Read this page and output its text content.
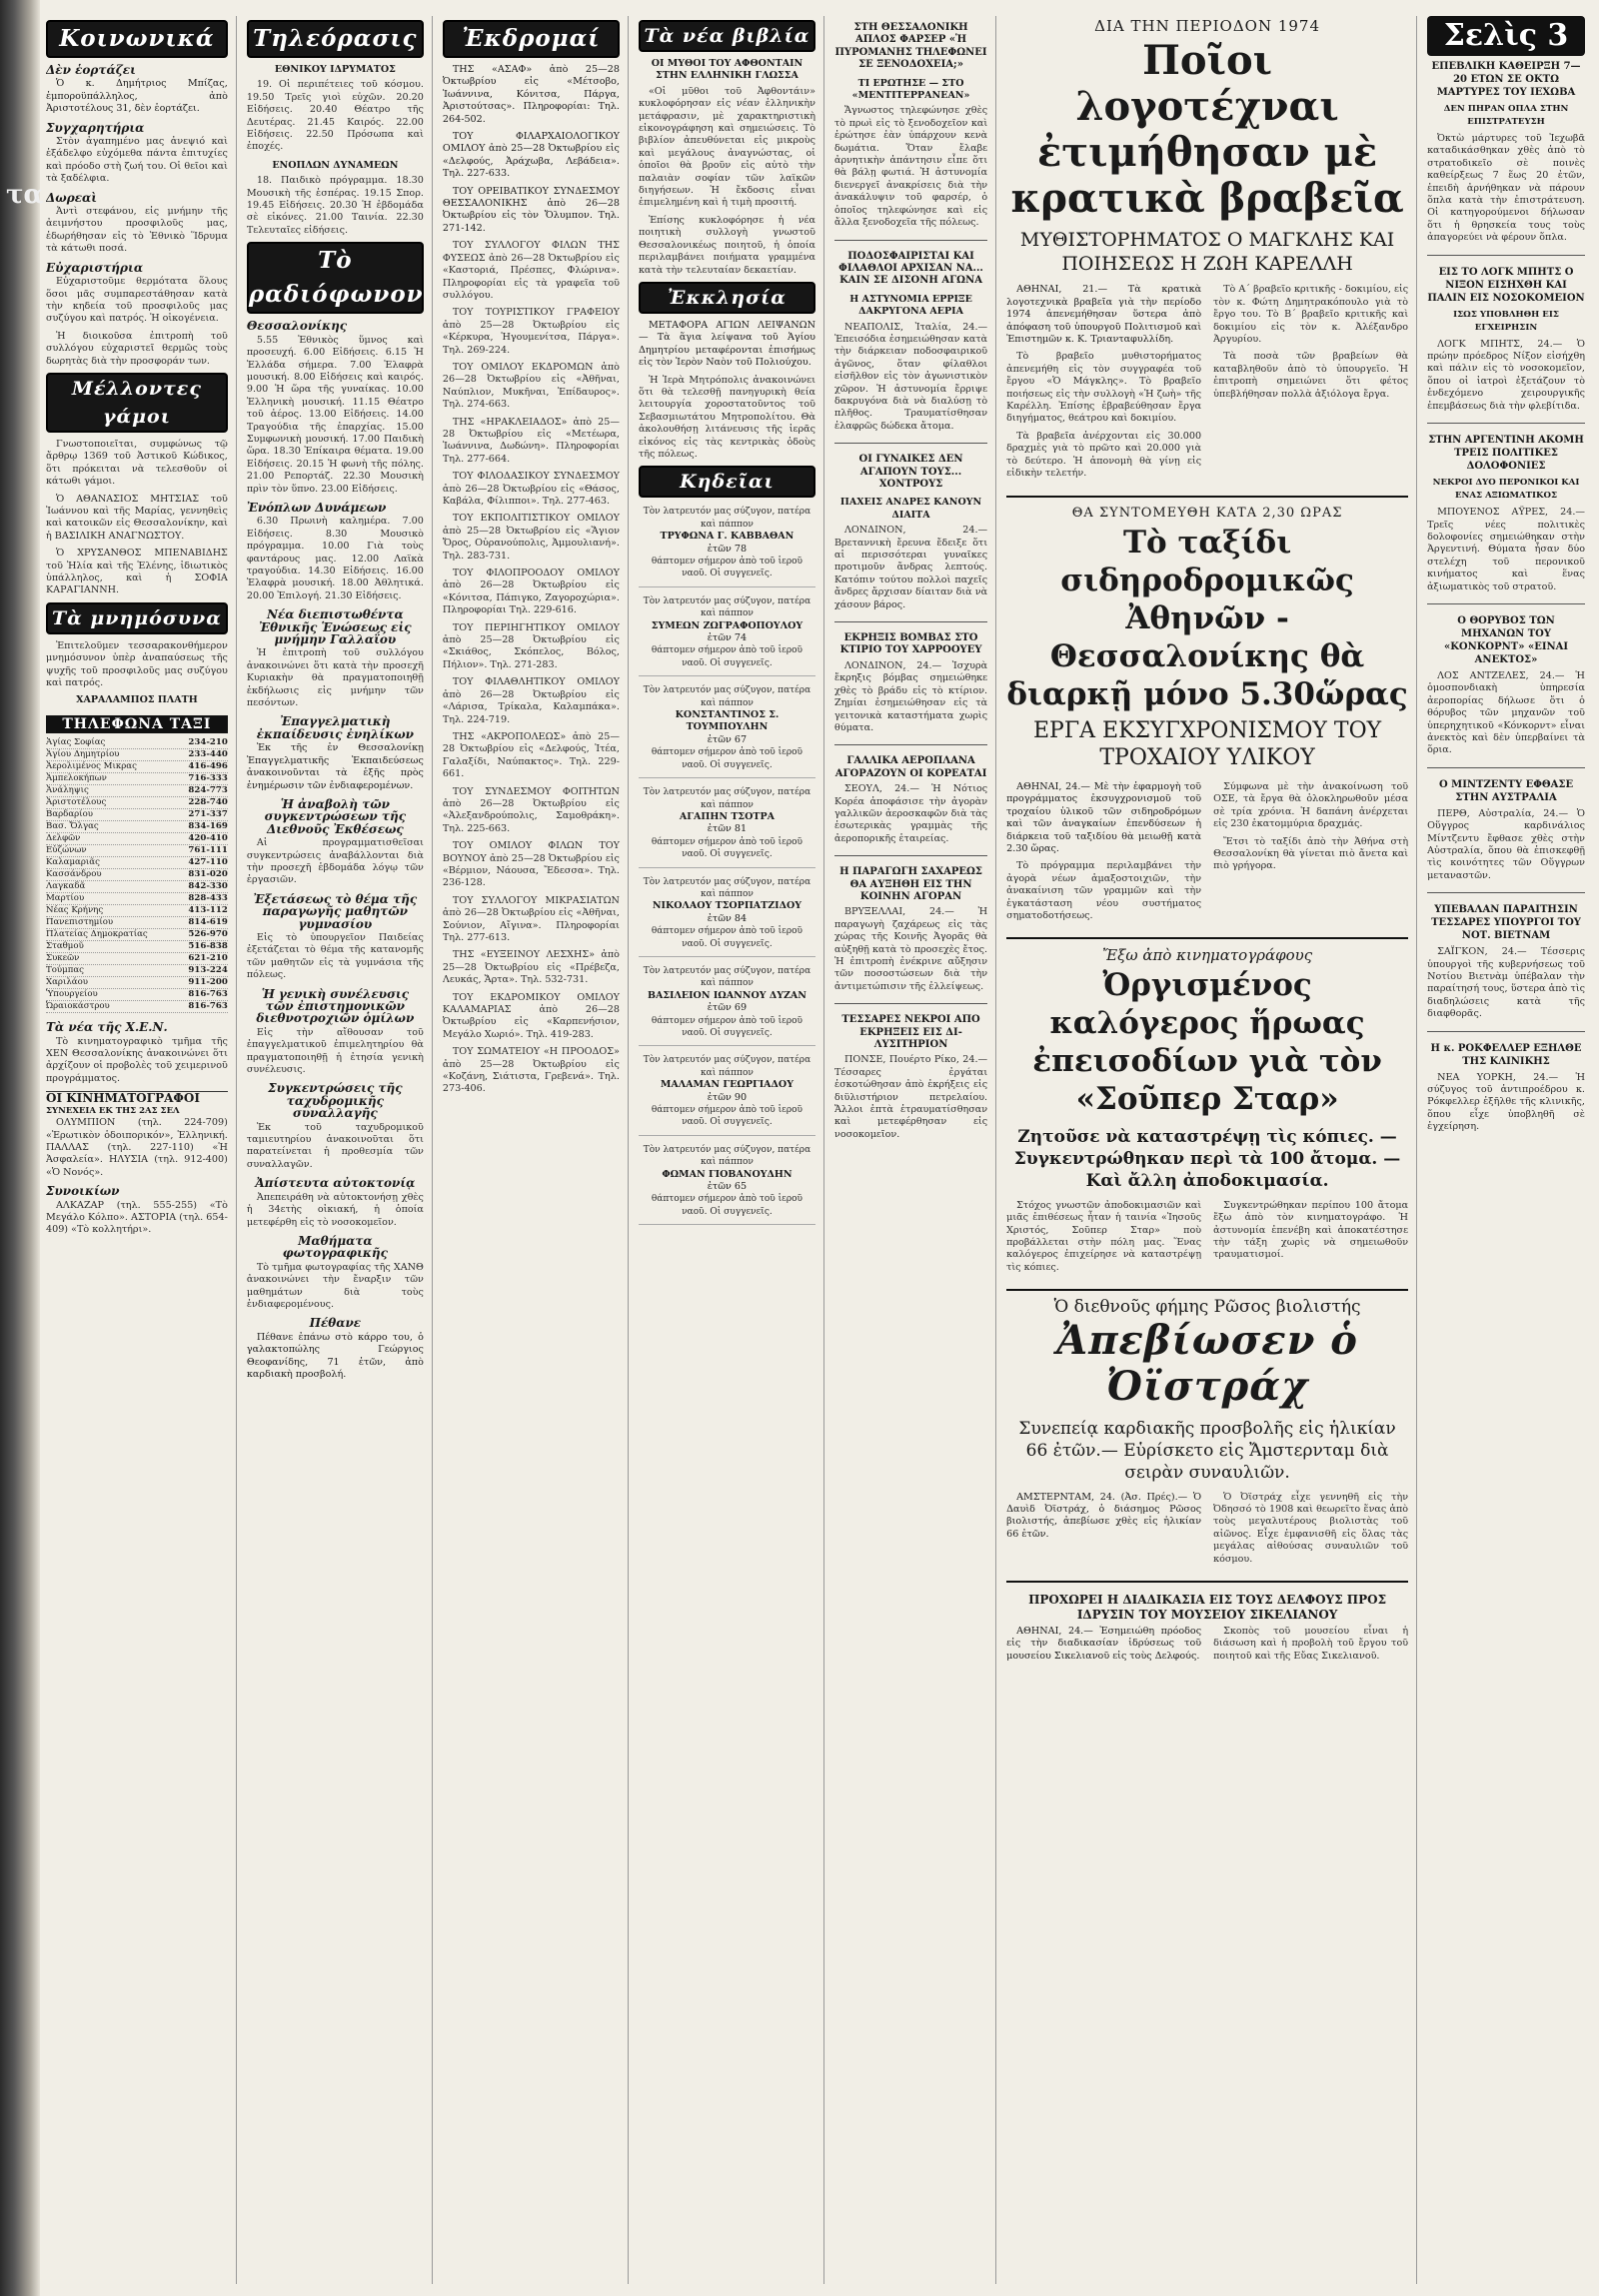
τα
Κοινωνικά
Δὲν ἑορτάζει

Ὁ κ. Δημήτριος Μπίζας, ἑμποροϋπάλληλος, ἀπὸ Ἀριστοτέλους 31, δὲν ἑορτάζει.

Συγχαρητήρια

Στὸν ἀγαπημένο μας ἀνεψιό καὶ ἐξάδελφο εὐχόμεθα πάντα ἐπιτυχίες καὶ πρόοδο στὴ ζωή του. Οἱ θεῖοι καὶ τὰ ξαδέλφια.

Δωρεαὶ

Ἀντὶ στεφάνου, εἰς μνήμην τῆς ἀειμνήστου προσφιλοῦς μας, ἐδωρήθησαν εἰς τὸ Ἐθνικὸ Ἵδρυμα τὰ κάτωθι ποσά.

Εὐχαριστήρια

Εὐχαριστοῦμε θερμότατα ὅλους ὅσοι μᾶς συμπαρεστάθησαν κατὰ τὴν κηδεία τοῦ προσφιλοῦς μας συζύγου καὶ πατρός. Ἡ οἰκογένεια.

Ἡ διοικοῦσα ἐπιτροπὴ τοῦ συλλόγου εὐχαριστεῖ θερμῶς τοὺς δωρητὰς διὰ τὴν προσφοράν των.

Μέλλοντες γάμοι

Γνωστοποιεῖται, συμφώνως τῷ ἄρθρῳ 1369 τοῦ Ἀστικοῦ Κώδικος, ὅτι πρόκειται νὰ τελεσθοῦν οἱ κάτωθι γάμοι.

Ὁ ΑΘΑΝΑΣΙΟΣ ΜΗΤΣΙΑΣ τοῦ Ἰωάννου καὶ τῆς Μαρίας, γεννηθεὶς καὶ κατοικῶν εἰς Θεσσαλονίκην, καὶ ἡ ΒΑΣΙΛΙΚΗ ΑΝΑΓΝΩΣΤΟΥ.

Ὁ ΧΡΥΣΑΝΘΟΣ ΜΠΕΝΑΒΙΔΗΣ τοῦ Ἠλία καὶ τῆς Ἑλένης, ἰδιωτικὸς ὑπάλληλος, καὶ ἡ ΣΟΦΙΑ ΚΑΡΑΓΙΑΝΝΗ.

Τὰ μνημόσυνα

Ἐπιτελοῦμεν τεσσαρακονθήμερον μνημόσυνον ὑπὲρ ἀναπαύσεως τῆς ψυχῆς τοῦ προσφιλοῦς μας συζύγου καὶ πατρός.

ΧΑΡΑΛΑΜΠΟΣ ΠΛΑΤΗ
ΤΗΛΕΦΩΝΑ ΤΑΞΙ
Ἁγίας Σοφίας	234-210
Ἀγίου Δημητρίου	233-440
Ἀερολιμένος Μικρας	416-496
Ἀμπελοκήπων	716-333
Ἀνάληψις	824-773
Ἀριστοτέλους	228-740
Βαρδαρίου	271-337
Βασ. Ὄλγας	834-169
Δελφῶν	420-410
Εὐζώνων	761-111
Καλαμαριᾶς	427-110
Κασσάνδρου	831-020
Λαγκαδᾶ	842-330
Μαρτίου	828-433
Νέας Κρήνης	413-112
Πανεπιστημίου	814-619
Πλατείας Δημοκρατίας	526-970
Σταθμοῦ	516-838
Συκεῶν	621-210
Τούμπας	913-224
Χαριλάου	911-200
Ὑπουργείου	816-763
Ὠραιοκάστρου	816-763
Τὰ νέα τῆς Χ.Ε.Ν.

Τὸ κινηματογραφικὸ τμῆμα τῆς ΧΕΝ Θεσσαλονίκης ἀνακοινώνει ὅτι ἀρχίζουν οἱ προβολὲς τοῦ χειμερινοῦ προγράμματος.

ΟΙ ΚΙΝΗΜΑΤΟΓΡΑΦΟΙ
ΣΥΝΕΧΕΙΑ ΕΚ ΤΗΣ 2ΑΣ ΣΕΛ

ΟΛΥΜΠΙΟΝ (τηλ. 224-709) «Ἐρωτικὸν ὁδοιπορικόν», Ἑλληνική. ΠΑΛΛΑΣ (τηλ. 227-110) «Ἡ Ἀσφαλεία». ΗΛΥΣΙΑ (τηλ. 912-400) «Ὁ Νονός».

Συνοικίων

ΑΛΚΑΖΑΡ (τηλ. 555-255) «Τὸ Μεγάλο Κόλπο». ΑΣΤΟΡΙΑ (τηλ. 654-409) «Τὸ κολλητήρι».

Τηλεόρασις
ΕΘΝΙΚΟΥ ΙΔΡΥΜΑΤΟΣ

19. Οἱ περιπέτειες τοῦ κόσμου. 19.50 Τρεῖς γιοὶ εὐχῶν. 20.20 Εἰδήσεις. 20.40 Θέατρο τῆς Δευτέρας. 21.45 Καιρός. 22.00 Εἰδήσεις. 22.50 Πρόσωπα καὶ ἐποχές.

ΕΝΟΠΛΩΝ ΔΥΝΑΜΕΩΝ

18. Παιδικὸ πρόγραμμα. 18.30 Μουσικὴ τῆς ἑσπέρας. 19.15 Σπορ. 19.45 Εἰδήσεις. 20.30 Ἡ ἑβδομάδα σὲ εἰκόνες. 21.00 Ταινία. 22.30 Τελευταῖες εἰδήσεις.

Τὸ ραδιόφωνον
Θεσσαλονίκης

5.55 Ἐθνικὸς ὕμνος καὶ προσευχή. 6.00 Εἰδήσεις. 6.15 Ἡ Ἑλλάδα σήμερα. 7.00 Ἐλαφρὰ μουσική. 8.00 Εἰδήσεις καὶ καιρός. 9.00 Ἡ ὥρα τῆς γυναίκας. 10.00 Ἑλληνικὴ μουσική. 11.15 Θέατρο τοῦ ἀέρος. 13.00 Εἰδήσεις. 14.00 Τραγούδια τῆς ἐπαρχίας. 15.00 Συμφωνικὴ μουσική. 17.00 Παιδικὴ ὥρα. 18.30 Ἐπίκαιρα θέματα. 19.00 Εἰδήσεις. 20.15 Ἡ φωνὴ τῆς πόλης. 21.00 Ρεπορτάζ. 22.30 Μουσικὴ πρὶν τὸν ὕπνο. 23.00 Εἰδήσεις.

Ἐνόπλων Δυνάμεων

6.30 Πρωινὴ καλημέρα. 7.00 Εἰδήσεις. 8.30 Μουσικὸ πρόγραμμα. 10.00 Γιὰ τοὺς φαντάρους μας. 12.00 Λαϊκὰ τραγούδια. 14.30 Εἰδήσεις. 16.00 Ἐλαφρὰ μουσική. 18.00 Ἀθλητικά. 20.00 Ἐπιλογή. 21.30 Εἰδήσεις.

Νέα διεπιστωθέντα Ἐθνικῆς Ἑνώσεως εἰς μνήμην Γαλλαΐου

Ἡ ἐπιτροπὴ τοῦ συλλόγου ἀνακοινώνει ὅτι κατὰ τὴν προσεχῆ Κυριακὴν θὰ πραγματοποιηθῇ ἐκδήλωσις εἰς μνήμην τῶν πεσόντων.

Ἐπαγγελματικὴ ἐκπαίδευσις ἐνηλίκων

Ἐκ τῆς ἐν Θεσσαλονίκῃ Ἐπαγγελματικῆς Ἐκπαιδεύσεως ἀνακοινοῦνται τὰ ἑξῆς πρὸς ἐνημέρωσιν τῶν ἐνδιαφερομένων.

Ἡ ἀναβολὴ τῶν συγκεντρώσεων τῆς Διεθνοῦς Ἐκθέσεως

Αἱ προγραμματισθεῖσαι συγκεντρώσεις ἀναβάλλονται διὰ τὴν προσεχῆ ἑβδομάδα λόγῳ τῶν ἐργασιῶν.

Ἐξετάσεως τὸ θέμα τῆς παραγωγῆς μαθητῶν γυμνασίου

Εἰς τὸ ὑπουργεῖον Παιδείας ἐξετάζεται τὸ θέμα τῆς κατανομῆς τῶν μαθητῶν εἰς τὰ γυμνάσια τῆς πόλεως.

Ἡ γενικὴ συνέλευσις τῶν ἐπιστημονικῶν διεθνοτροχιῶν ὁμίλων

Εἰς τὴν αἴθουσαν τοῦ ἐπαγγελματικοῦ ἐπιμελητηρίου θὰ πραγματοποιηθῇ ἡ ἐτησία γενικὴ συνέλευσις.

Συγκεντρώσεις τῆς ταχυδρομικῆς συναλλαγῆς

Ἐκ τοῦ ταχυδρομικοῦ ταμιευτηρίου ἀνακοινοῦται ὅτι παρατείνεται ἡ προθεσμία τῶν συναλλαγῶν.

Ἀπίστευτα αὐτοκτονίᾳ

Ἀπεπειράθη νὰ αὐτοκτονήσῃ χθὲς ἡ 34ετὴς οἰκιακή, ἡ ὁποία μετεφέρθη εἰς τὸ νοσοκομεῖον.

Μαθήματα φωτογραφικῆς

Τὸ τμῆμα φωτογραφίας τῆς ΧΑΝΘ ἀνακοινώνει τὴν ἔναρξιν τῶν μαθημάτων διὰ τοὺς ἐνδιαφερομένους.

Πέθανε

Πέθανε ἐπάνω στὸ κάρρο του, ὁ γαλακτοπώλης Γεώργιος Θεοφανίδης, 71 ἐτῶν, ἀπὸ καρδιακὴ προσβολή.

Ἐκδρομαί

ΤΗΣ «ΑΣΑΦ» ἀπὸ 25—28 Ὀκτωβρίου εἰς «Μέτσοβο, Ἰωάννινα, Κόνιτσα, Πάργα, Ἀριστούτσας». Πληροφορίαι: Τηλ. 264-502.

ΤΟΥ ΦΙΛΑΡΧΑΙΟΛΟΓΙΚΟΥ ΟΜΙΛΟΥ ἀπὸ 25—28 Ὀκτωβρίου εἰς «Δελφούς, Ἀράχωβα, Λεβάδεια». Τηλ. 227-633.

ΤΟΥ ΟΡΕΙΒΑΤΙΚΟΥ ΣΥΝΔΕΣΜΟΥ ΘΕΣΣΑΛΟΝΙΚΗΣ ἀπὸ 26—28 Ὀκτωβρίου εἰς τὸν Ὄλυμπον. Τηλ. 271-142.

ΤΟΥ ΣΥΛΛΟΓΟΥ ΦΙΛΩΝ ΤΗΣ ΦΥΣΕΩΣ ἀπὸ 26—28 Ὀκτωβρίου εἰς «Καστοριά, Πρέσπες, Φλώρινα». Πληροφορίαι εἰς τὰ γραφεῖα τοῦ συλλόγου.

ΤΟΥ ΤΟΥΡΙΣΤΙΚΟΥ ΓΡΑΦΕΙΟΥ ἀπὸ 25—28 Ὀκτωβρίου εἰς «Κέρκυρα, Ἡγουμενίτσα, Πάργα». Τηλ. 269-224.

ΤΟΥ ΟΜΙΛΟΥ ΕΚΔΡΟΜΩΝ ἀπὸ 26—28 Ὀκτωβρίου εἰς «Ἀθῆναι, Ναύπλιον, Μυκῆναι, Ἐπίδαυρος». Τηλ. 274-663.

ΤΗΣ «ΗΡΑΚΛΕΙΑΔΟΣ» ἀπὸ 25—28 Ὀκτωβρίου εἰς «Μετέωρα, Ἰωάννινα, Δωδώνη». Πληροφορίαι Τηλ. 277-664.

ΤΟΥ ΦΙΛΟΔΑΣΙΚΟΥ ΣΥΝΔΕΣΜΟΥ ἀπὸ 26—28 Ὀκτωβρίου εἰς «Θάσος, Καβάλα, Φίλιπποι». Τηλ. 277-463.

ΤΟΥ ΕΚΠΟΛΙΤΙΣΤΙΚΟΥ ΟΜΙΛΟΥ ἀπὸ 25—28 Ὀκτωβρίου εἰς «Ἅγιον Ὄρος, Οὐρανούπολις, Ἀμμουλιανή». Τηλ. 283-731.

ΤΟΥ ΦΙΛΟΠΡΟΟΔΟΥ ΟΜΙΛΟΥ ἀπὸ 26—28 Ὀκτωβρίου εἰς «Κόνιτσα, Πάπιγκο, Ζαγοροχώρια». Πληροφορίαι Τηλ. 229-616.

ΤΟΥ ΠΕΡΙΗΓΗΤΙΚΟΥ ΟΜΙΛΟΥ ἀπὸ 25—28 Ὀκτωβρίου εἰς «Σκιάθος, Σκόπελος, Βόλος, Πήλιον». Τηλ. 271-283.

ΤΟΥ ΦΙΛΑΘΛΗΤΙΚΟΥ ΟΜΙΛΟΥ ἀπὸ 26—28 Ὀκτωβρίου εἰς «Λάρισα, Τρίκαλα, Καλαμπάκα». Τηλ. 224-719.

ΤΗΣ «ΑΚΡΟΠΟΛΕΩΣ» ἀπὸ 25—28 Ὀκτωβρίου εἰς «Δελφούς, Ἰτέα, Γαλαξίδι, Ναύπακτος». Τηλ. 229-661.

ΤΟΥ ΣΥΝΔΕΣΜΟΥ ΦΟΙΤΗΤΩΝ ἀπὸ 26—28 Ὀκτωβρίου εἰς «Ἀλεξανδρούπολις, Σαμοθράκη». Τηλ. 225-663.

ΤΟΥ ΟΜΙΛΟΥ ΦΙΛΩΝ ΤΟΥ ΒΟΥΝΟΥ ἀπὸ 25—28 Ὀκτωβρίου εἰς «Βέρμιον, Νάουσα, Ἔδεσσα». Τηλ. 236-128.

ΤΟΥ ΣΥΛΛΟΓΟΥ ΜΙΚΡΑΣΙΑΤΩΝ ἀπὸ 26—28 Ὀκτωβρίου εἰς «Ἀθῆναι, Σούνιον, Αἴγινα». Πληροφορίαι Τηλ. 277-613.

ΤΗΣ «ΕΥΞΕΙΝΟΥ ΛΕΣΧΗΣ» ἀπὸ 25—28 Ὀκτωβρίου εἰς «Πρέβεζα, Λευκάς, Ἄρτα». Τηλ. 532-731.

ΤΟΥ ΕΚΔΡΟΜΙΚΟΥ ΟΜΙΛΟΥ ΚΑΛΑΜΑΡΙΑΣ ἀπὸ 26—28 Ὀκτωβρίου εἰς «Καρπενήσιον, Μεγάλο Χωριό». Τηλ. 419-283.

ΤΟΥ ΣΩΜΑΤΕΙΟΥ «Η ΠΡΟΟΔΟΣ» ἀπὸ 25—28 Ὀκτωβρίου εἰς «Κοζάνη, Σιάτιστα, Γρεβενά». Τηλ. 273-406.

Τὰ νέα βιβλία
ΟΙ ΜΥΘΟΙ ΤΟΥ ΑΦΘΟΝΤΑΙΝ ΣΤΗΝ ΕΛΛΗΝΙΚΗ ΓΛΩΣΣΑ

«Οἱ μῦθοι τοῦ Ἀφθοντάιν» κυκλοφόρησαν εἰς νέαν ἑλληνικὴν μετάφρασιν, μὲ χαρακτηριστικὴ εἰκονογράφηση καὶ σημειώσεις. Τὸ βιβλίον ἀπευθύνεται εἰς μικροὺς καὶ μεγάλους ἀναγνώστας, οἱ ὁποῖοι θὰ βροῦν εἰς αὐτὸ τὴν παλαιὰν σοφίαν τῶν λαϊκῶν διηγήσεων. Ἡ ἔκδοσις εἶναι ἐπιμελημένη καὶ ἡ τιμὴ προσιτή.

Ἐπίσης κυκλοφόρησε ἡ νέα ποιητικὴ συλλογὴ γνωστοῦ Θεσσαλονικέως ποιητοῦ, ἡ ὁποία περιλαμβάνει ποιήματα γραμμένα κατὰ τὴν τελευταίαν δεκαετίαν.

Ἐκκλησία

ΜΕΤΑΦΟΡΑ ΑΓΙΩΝ ΛΕΙΨΑΝΩΝ — Τὰ ἅγια λείψανα τοῦ Ἁγίου Δημητρίου μεταφέρονται ἐπισήμως εἰς τὸν Ἱερὸν Ναὸν τοῦ Πολιούχου.

Ἡ Ἱερὰ Μητρόπολις ἀνακοινώνει ὅτι θὰ τελεσθῇ πανηγυρικὴ θεία λειτουργία χοροστατοῦντος τοῦ Σεβασμιωτάτου Μητροπολίτου. Θὰ ἀκολουθήσῃ λιτάνευσις τῆς ἱερᾶς εἰκόνος εἰς τὰς κεντρικὰς ὁδοὺς τῆς πόλεως.

Κηδεῖαι
Τὸν λατρευτόν μας σύζυγον, πατέρα καὶ πάππον
ΤΡΥΦΩΝΑ Γ. ΚΑΒΒΑΘΑΝ
ἐτῶν 78
θάπτομεν σήμερον ἀπὸ τοῦ ἱεροῦ ναοῦ. Οἱ συγγενεῖς.
Τὸν λατρευτόν μας σύζυγον, πατέρα καὶ πάππον
ΣΥΜΕΩΝ ΖΩΓΡΑΦΟΠΟΥΛΟΥ
ἐτῶν 74
θάπτομεν σήμερον ἀπὸ τοῦ ἱεροῦ ναοῦ. Οἱ συγγενεῖς.
Τὸν λατρευτόν μας σύζυγον, πατέρα καὶ πάππον
ΚΟΝΣΤΑΝΤΙΝΟΣ Σ. ΤΟΥΜΠΟΥΛΗΝ
ἐτῶν 67
θάπτομεν σήμερον ἀπὸ τοῦ ἱεροῦ ναοῦ. Οἱ συγγενεῖς.
Τὸν λατρευτόν μας σύζυγον, πατέρα καὶ πάππον
ΑΓΑΠΗΝ ΤΣΟΤΡΑ
ἐτῶν 81
θάπτομεν σήμερον ἀπὸ τοῦ ἱεροῦ ναοῦ. Οἱ συγγενεῖς.
Τὸν λατρευτόν μας σύζυγον, πατέρα καὶ πάππον
ΝΙΚΟΛΑΟΥ ΤΣΟΡΠΑΤΖΙΔΟΥ
ἐτῶν 84
θάπτομεν σήμερον ἀπὸ τοῦ ἱεροῦ ναοῦ. Οἱ συγγενεῖς.
Τὸν λατρευτόν μας σύζυγον, πατέρα καὶ πάππον
ΒΑΣΙΛΕΙΟΝ ΙΩΑΝΝΟΥ ΔΥΖΑΝ
ἐτῶν 69
θάπτομεν σήμερον ἀπὸ τοῦ ἱεροῦ ναοῦ. Οἱ συγγενεῖς.
Τὸν λατρευτόν μας σύζυγον, πατέρα καὶ πάππον
ΜΑΛΑΜΑΝ ΓΕΩΡΓΙΑΔΟΥ
ἐτῶν 90
θάπτομεν σήμερον ἀπὸ τοῦ ἱεροῦ ναοῦ. Οἱ συγγενεῖς.
Τὸν λατρευτόν μας σύζυγον, πατέρα καὶ πάππον
ΦΩΜΑΝ ΓΙΟΒΑΝΟΥΔΗΝ
ἐτῶν 65
θάπτομεν σήμερον ἀπὸ τοῦ ἱεροῦ ναοῦ. Οἱ συγγενεῖς.
ΣΤΗ ΘΕΣΣΑΛΟΝΙΚΗ ΑΠΛΟΣ ΦΑΡΣΕΡ «Ἡ ΠΥΡΟΜΑΝΗΣ ΤΗΛΕΦΩΝΕΙ ΣΕ ΞΕΝΟΔΟΧΕΙΑ;»
ΤΙ ΕΡΩΤΗΣΕ — ΣΤΟ «ΜΕΝΤΙΤΕΡΡΑΝΕΑΝ»

Ἄγνωστος τηλεφώνησε χθὲς τὸ πρωὶ εἰς τὸ ξενοδοχεῖον καὶ ἐρώτησε ἐὰν ὑπάρχουν κενὰ δωμάτια. Ὅταν ἔλαβε ἀρνητικὴν ἀπάντησιν εἶπε ὅτι θὰ βάλῃ φωτιά. Ἡ ἀστυνομία διενεργεῖ ἀνακρίσεις διὰ τὴν ἀνακάλυψιν τοῦ φαρσέρ, ὁ ὁποῖος τηλεφώνησε καὶ εἰς ἄλλα ξενοδοχεῖα τῆς πόλεως.

ΠΟΔΟΣΦΑΙΡΙΣΤΑΙ ΚΑΙ ΦΙΛΑΘΛΟΙ ΑΡΧΙΣΑΝ ΝΑ... ΚΑΙΝ ΣΕ ΔΙΣΟΝΗ ΑΓΩΝΑ
Η ΑΣΤΥΝΟΜΙΑ ΕΡΡΙΞΕ ΔΑΚΡΥΓΟΝΑ ΑΕΡΙΑ

ΝΕΑΠΟΛΙΣ, Ἰταλία, 24.— Ἐπεισόδια ἐσημειώθησαν κατὰ τὴν διάρκειαν ποδοσφαιρικοῦ ἀγῶνος, ὅταν φίλαθλοι εἰσῆλθον εἰς τὸν ἀγωνιστικὸν χῶρον. Ἡ ἀστυνομία ἔρριψε δακρυγόνα διὰ νὰ διαλύσῃ τὸ πλῆθος. Τραυματίσθησαν ἐλαφρῶς δώδεκα ἄτομα.

ΟΙ ΓΥΝΑΙΚΕΣ ΔΕΝ ΑΓΑΠΟΥΝ ΤΟΥΣ... ΧΟΝΤΡΟΥΣ
ΠΑΧΕΙΣ ΑΝΔΡΕΣ ΚΑΝΟΥΝ ΔΙΑΙΤΑ

ΛΟΝΔΙΝΟΝ, 24.— Βρεταννικὴ ἔρευνα ἔδειξε ὅτι αἱ περισσότεραι γυναῖκες προτιμοῦν ἄνδρας λεπτούς. Κατόπιν τούτου πολλοὶ παχεῖς ἄνδρες ἄρχισαν δίαιταν διὰ νὰ χάσουν βάρος.

ΕΚΡΗΞΙΣ ΒΟΜΒΑΣ ΣΤΟ ΚΤΙΡΙΟ ΤΟΥ ΧΑΡΡΟΟΥΕΥ

ΛΟΝΔΙΝΟΝ, 24.— Ἰσχυρὰ ἔκρηξις βόμβας σημειώθηκε χθὲς τὸ βράδυ εἰς τὸ κτίριον. Ζημίαι ἐσημειώθησαν εἰς τὰ γειτονικὰ καταστήματα χωρὶς θύματα.

ΓΑΛΛΙΚΑ ΑΕΡΟΠΛΑΝΑ ΑΓΟΡΑΖΟΥΝ ΟΙ ΚΟΡΕΑΤΑΙ

ΣΕΟΥΛ, 24.— Ἡ Νότιος Κορέα ἀποφάσισε τὴν ἀγορὰν γαλλικῶν ἀεροσκαφῶν διὰ τὰς ἐσωτερικὰς γραμμὰς τῆς ἀεροπορικῆς ἑταιρείας.

Η ΠΑΡΑΓΩΓΗ ΣΑΧΑΡΕΩΣ ΘΑ ΑΥΞΗΘΗ ΕΙΣ ΤΗΝ ΚΟΙΝΗΝ ΑΓΟΡΑΝ

ΒΡΥΞΕΛΛΑΙ, 24.— Ἡ παραγωγὴ ζαχάρεως εἰς τὰς χώρας τῆς Κοινῆς Ἀγορᾶς θὰ αὐξηθῇ κατὰ τὸ προσεχὲς ἔτος. Ἡ ἐπιτροπὴ ἐνέκρινε αὔξησιν τῶν ποσοστώσεων διὰ τὴν ἀντιμετώπισιν τῆς ἐλλείψεως.

ΤΕΣΣΑΡΕΣ ΝΕΚΡΟΙ ΑΠΟ ΕΚΡΗΞΕΙΣ ΕΙΣ ΔΙ-ΛΥΣΙΤΗΡΙΟΝ

ΠΟΝΣΕ, Πουέρτο Ρίκο, 24.— Τέσσαρες ἐργάται ἐσκοτώθησαν ἀπὸ ἐκρήξεις εἰς διϋλιστήριον πετρελαίου. Ἄλλοι ἑπτὰ ἐτραυματίσθησαν καὶ μετεφέρθησαν εἰς νοσοκομεῖον.

ΔΙΑ ΤΗΝ ΠΕΡΙΟΔΟΝ 1974
Ποῖοι λογοτέχναι ἐτιμήθησαν μὲ κρατικὰ βραβεῖα
ΜΥΘΙΣΤΟΡΗΜΑΤΟΣ Ο ΜΑΓΚΛΗΣ ΚΑΙ ΠΟΙΗΣΕΩΣ Η ΖΩΗ ΚΑΡΕΛΛΗ

ΑΘΗΝΑΙ, 21.— Τὰ κρατικὰ λογοτεχνικὰ βραβεῖα γιὰ τὴν περίοδο 1974 ἀπενεμήθησαν ὕστερα ἀπὸ ἀπόφαση τοῦ ὑπουργοῦ Πολιτισμοῦ καὶ Ἐπιστημῶν κ. Κ. Τριανταφυλλίδη.

Τὸ βραβεῖο μυθιστορήματος ἀπενεμήθη εἰς τὸν συγγραφέα τοῦ ἔργου «Ὁ Μάγκλης». Τὸ βραβεῖο ποιήσεως εἰς τὴν συλλογὴ «Ἡ ζωὴ» τῆς Καρέλλη. Ἐπίσης ἐβραβεύθησαν ἔργα διηγήματος, θεάτρου καὶ δοκιμίου.

Τὰ βραβεῖα ἀνέρχονται εἰς 30.000 δραχμὲς γιὰ τὸ πρῶτο καὶ 20.000 γιὰ τὸ δεύτερο. Ἡ ἀπονομὴ θὰ γίνῃ εἰς εἰδικὴν τελετήν.

Τὸ Α΄ βραβεῖο κριτικῆς - δοκιμίου, εἰς τὸν κ. Φώτη Δημητρακόπουλο γιὰ τὸ ἔργο του. Τὸ Β΄ βραβεῖο κριτικῆς καὶ δοκιμίου εἰς τὸν κ. Ἀλέξανδρο Ἀργυρίου.

Τὰ ποσὰ τῶν βραβείων θὰ καταβληθοῦν ἀπὸ τὸ ὑπουργεῖο. Ἡ ἐπιτροπὴ σημειώνει ὅτι φέτος ὑπεβλήθησαν πολλὰ ἀξιόλογα ἔργα.

ΘΑ ΣΥΝΤΟΜΕΥΘΗ ΚΑΤΑ 2,30 ΩΡΑΣ
Τὸ ταξίδι σιδηροδρομικῶς Ἀθηνῶν - Θεσσαλονίκης θὰ διαρκῇ μόνο 5.30ὥρας
ΕΡΓΑ ΕΚΣΥΓΧΡΟΝΙΣΜΟΥ ΤΟΥ ΤΡΟΧΑΙΟΥ ΥΛΙΚΟΥ

ΑΘΗΝΑΙ, 24.— Μὲ τὴν ἐφαρμογὴ τοῦ προγράμματος ἐκσυγχρονισμοῦ τοῦ τροχαίου ὑλικοῦ τῶν σιδηροδρόμων καὶ τῶν ἀναγκαίων ἐπενδύσεων ἡ διάρκεια τοῦ ταξιδίου θὰ μειωθῇ κατὰ 2.30 ὥρας.

Τὸ πρόγραμμα περιλαμβάνει τὴν ἀγορὰ νέων ἁμαξοστοιχιῶν, τὴν ἀνακαίνιση τῶν γραμμῶν καὶ τὴν ἐγκατάσταση νέου συστήματος σηματοδοτήσεως.

Σύμφωνα μὲ τὴν ἀνακοίνωση τοῦ ΟΣΕ, τὰ ἔργα θὰ ὁλοκληρωθοῦν μέσα σὲ τρία χρόνια. Ἡ δαπάνη ἀνέρχεται εἰς 230 ἑκατομμύρια δραχμάς.

Ἔτσι τὸ ταξίδι ἀπὸ τὴν Ἀθήνα στὴ Θεσσαλονίκη θὰ γίνεται πιὸ ἄνετα καὶ πιὸ γρήγορα.

Ἔξω ἀπὸ κινηματογράφους
Ὀργισμένος καλόγερος ἥρωας ἐπεισοδίων γιὰ τὸν «Σοῦπερ Σταρ»
Ζητοῦσε νὰ καταστρέψῃ τὶς κόπιες. — Συγκεντρώθηκαν περὶ τὰ 100 ἄτομα. — Καὶ ἄλλη ἀποδοκιμασία.

Στόχος γνωστῶν ἀποδοκιμασιῶν καὶ μιᾶς ἐπιθέσεως ἦταν ἡ ταινία «Ἰησοῦς Χριστός, Σοῦπερ Σταρ» ποὺ προβάλλεται στὴν πόλη μας. Ἕνας καλόγερος ἐπιχείρησε νὰ καταστρέψῃ τὶς κόπιες.

Συγκεντρώθηκαν περίπου 100 ἄτομα ἔξω ἀπὸ τὸν κινηματογράφο. Ἡ ἀστυνομία ἐπενέβη καὶ ἀποκατέστησε τὴν τάξη χωρὶς νὰ σημειωθοῦν τραυματισμοί.

Ὁ διεθνοῦς φήμης Ρῶσος βιολιστής
Ἀπεβίωσεν ὁ Ὀϊστράχ
Συνεπείᾳ καρδιακῆς προσβολῆς εἰς ἡλικίαν 66 ἐτῶν.— Εὑρίσκετο εἰς Ἄμστερνταμ διὰ σειρὰν συναυλιῶν.

ΑΜΣΤΕΡΝΤΑΜ, 24. (Ἀσ. Πρές).— Ὁ Δαυὶδ Ὀϊστράχ, ὁ διάσημος Ρῶσος βιολιστής, ἀπεβίωσε χθὲς εἰς ἡλικίαν 66 ἐτῶν.

Ὁ Ὀϊστράχ εἶχε γεννηθῆ εἰς τὴν Ὀδησσό τὸ 1908 καὶ θεωρεῖτο ἕνας ἀπὸ τοὺς μεγαλυτέρους βιολιστὰς τοῦ αἰῶνος. Εἶχε ἐμφανισθῆ εἰς ὅλας τὰς μεγάλας αἰθούσας συναυλιῶν τοῦ κόσμου.

ΠΡΟΧΩΡΕΙ Η ΔΙΑΔΙΚΑΣΙΑ ΕΙΣ ΤΟΥΣ ΔΕΛΦΟΥΣ ΠΡΟΣ ΙΔΡΥΣΙΝ ΤΟΥ ΜΟΥΣΕΙΟΥ ΣΙΚΕΛΙΑΝΟΥ

ΑΘΗΝΑΙ, 24.— Ἐσημειώθη πρόοδος εἰς τὴν διαδικασίαν ἱδρύσεως τοῦ μουσείου Σικελιανοῦ εἰς τοὺς Δελφούς.

Σκοπὸς τοῦ μουσείου εἶναι ἡ διάσωση καὶ ἡ προβολὴ τοῦ ἔργου τοῦ ποιητοῦ καὶ τῆς Εὔας Σικελιανοῦ.

Σελὶς 3
ΕΠΕΒΛΙΚΗ ΚΑΘΕΙΡΞΗ 7—20 ΕΤΩΝ ΣΕ ΟΚΤΩ ΜΑΡΤΥΡΕΣ ΤΟΥ ΙΕΧΩΒΑ
ΔΕΝ ΠΗΡΑΝ ΟΠΛΑ ΣΤΗΝ ΕΠΙΣΤΡΑΤΕΥΣΗ

Ὀκτὼ μάρτυρες τοῦ Ἰεχωβᾶ καταδικάσθηκαν χθὲς ἀπὸ τὸ στρατοδικεῖο σὲ ποινὲς καθείρξεως 7 ἕως 20 ἐτῶν, ἐπειδὴ ἀρνήθηκαν νὰ πάρουν ὅπλα κατὰ τὴν ἐπιστράτευση. Οἱ κατηγορούμενοι δήλωσαν ὅτι ἡ θρησκεία τους τοὺς ἀπαγορεύει νὰ φέρουν ὅπλα.

ΕΙΣ ΤΟ ΛΟΓΚ ΜΠΗΤΣ Ο ΝΙΞΟΝ ΕΙΣΗΧΘΗ ΚΑΙ ΠΑΛΙΝ ΕΙΣ ΝΟΣΟΚΟΜΕΙΟΝ
ΙΣΩΣ ΥΠΟΒΛΗΘΗ ΕΙΣ ΕΓΧΕΙΡΗΣΙΝ

ΛΟΓΚ ΜΠΗΤΣ, 24.— Ὁ πρώην πρόεδρος Νίξον εἰσήχθη καὶ πάλιν εἰς τὸ νοσοκομεῖον, ὅπου οἱ ἰατροὶ ἐξετάζουν τὸ ἐνδεχόμενο χειρουργικῆς ἐπεμβάσεως διὰ τὴν φλεβίτιδα.

ΣΤΗΝ ΑΡΓΕΝΤΙΝΗ ΑΚΟΜΗ ΤΡΕΙΣ ΠΟΛΙΤΙΚΕΣ ΔΟΛΟΦΟΝΙΕΣ
ΝΕΚΡΟΙ ΔΥΟ ΠΕΡΟΝΙΚΟΙ ΚΑΙ ΕΝΑΣ ΑΞΙΩΜΑΤΙΚΟΣ

ΜΠΟΥΕΝΟΣ ΑΫΡΕΣ, 24.— Τρεῖς νέες πολιτικὲς δολοφονίες σημειώθηκαν στὴν Ἀργεντινή. Θύματα ἦσαν δύο στελέχη τοῦ περονικοῦ κινήματος καὶ ἕνας ἀξιωματικὸς τοῦ στρατοῦ.

Ο ΘΟΡΥΒΟΣ ΤΩΝ ΜΗΧΑΝΩΝ ΤΟΥ «ΚΟΝΚΟΡΝΤ» «ΕΙΝΑΙ ΑΝΕΚΤΟΣ»

ΛΟΣ ΑΝΤΖΕΛΕΣ, 24.— Ἡ ὁμοσπονδιακὴ ὑπηρεσία ἀεροπορίας δήλωσε ὅτι ὁ θόρυβος τῶν μηχανῶν τοῦ ὑπερηχητικοῦ «Κόνκορντ» εἶναι ἀνεκτὸς καὶ δὲν ὑπερβαίνει τὰ ὅρια.

Ο ΜΙΝΤΖΕΝΤΥ ΕΦΘΑΣΕ ΣΤΗΝ ΑΥΣΤΡΑΛΙΑ

ΠΕΡΘ, Αὐστραλία, 24.— Ὁ Οὕγγρος καρδινάλιος Μίντζεντυ ἔφθασε χθὲς στὴν Αὐστραλία, ὅπου θὰ ἐπισκεφθῇ τὶς κοινότητες τῶν Οὕγγρων μεταναστῶν.

ΥΠΕΒΑΛΑΝ ΠΑΡΑΙΤΗΣΙΝ ΤΕΣΣΑΡΕΣ ΥΠΟΥΡΓΟΙ ΤΟΥ ΝΟΤ. ΒΙΕΤΝΑΜ

ΣΑΪΓΚΟΝ, 24.— Τέσσερις ὑπουργοὶ τῆς κυβερνήσεως τοῦ Νοτίου Βιετνὰμ ὑπέβαλαν τὴν παραίτησή τους, ὕστερα ἀπὸ τὶς διαδηλώσεις κατὰ τῆς διαφθορᾶς.

Η κ. ΡΟΚΦΕΛΛΕΡ ΕΞΗΛΘΕ ΤΗΣ ΚΛΙΝΙΚΗΣ

ΝΕΑ ΥΟΡΚΗ, 24.— Ἡ σύζυγος τοῦ ἀντιπροέδρου κ. Ρόκφελλερ ἐξῆλθε τῆς κλινικῆς, ὅπου εἶχε ὑποβληθῆ σὲ ἐγχείρηση.
